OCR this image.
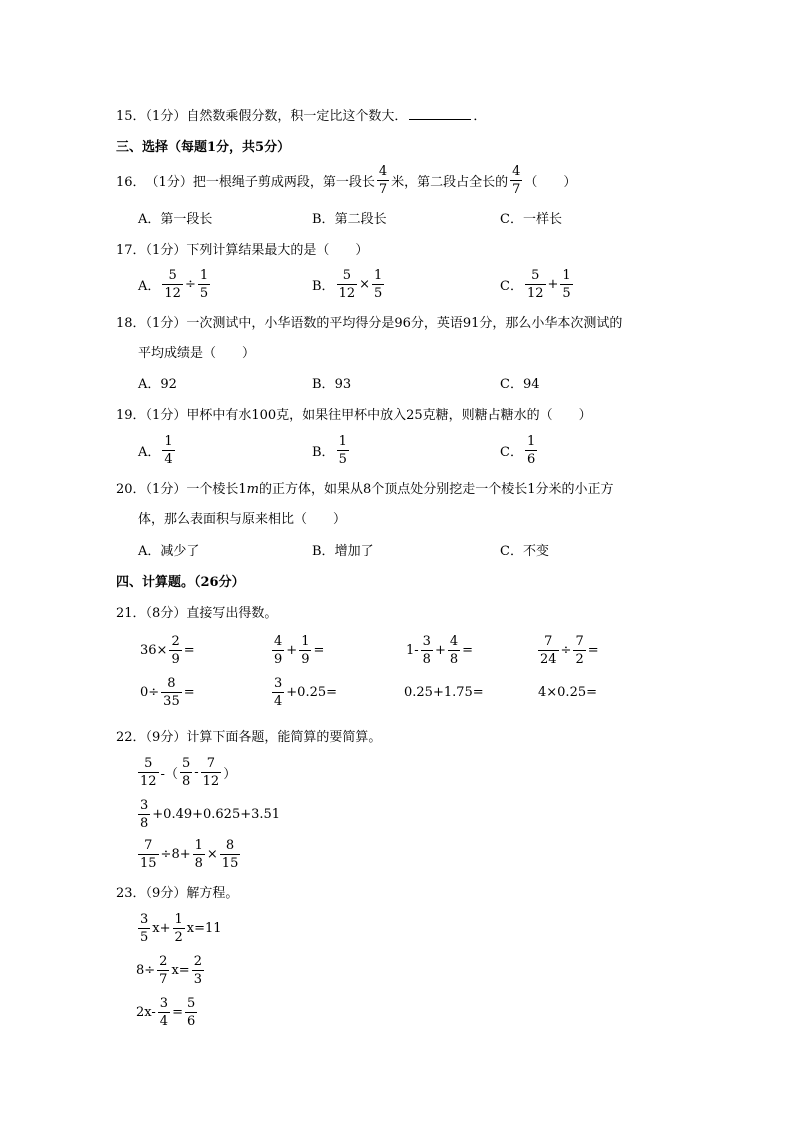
15．（1分）自然数乘假分数，积一定比这个数大．	．
三、选择（每题1分，共5分）
16． （1分） 把一根绳子剪成两段，第一段长 $\frac{4}{7}$ 米，第二段占全长的 $\frac{4}{7}$ （　　）
A．第一段长	B．第二段长	C．一样长
17．（1分）下列计算结果最大的是（　　）
A． $\frac{5}{12} \div \frac{1}{5}$	B． $\frac{5}{12} \times \frac{1}{5}$	C． $\frac{5}{12} + \frac{1}{5}$
18．（1分）一次测试中，小华语数的平均得分是96分，英语91分，那么小华本次测试的
平均成绩是（　　）
A．92	B．93	C．94
19．（1分）甲杯中有水100克，如果往甲杯中放入25克糖，则糖占糖水的（　　）
A． $\frac{1}{4}$	B． $\frac{1}{5}$	C． $\frac{1}{6}$
20．（1分）一个棱长1m的正方体，如果从8个顶点处分别挖走一个棱长1分米的小正方
体，那么表面积与原来相比（　　）
A．减少了	B．增加了	C．不变
四、计算题。（26分）
21．（8分）直接写出得数。
$36\times \frac{2}{9}$ =	$\frac{4}{9} + \frac{1}{9}$ =	$1- \frac{3}{8} + \frac{4}{8}$ =	$\frac{7}{24} \div \frac{7}{2}$ =
$0\div \frac{8}{35}$ =	$\frac{3}{4} +0.25=$	0.25+1.75=	4×0.25=
22．（9分）计算下面各题，能简算的要简算。
$\frac{5}{12}$ -（ $\frac{5}{8} - \frac{7}{12}$ ）
$\frac{3}{8} +0.49+0.625+3.51$
$\frac{7}{15} \div 8+ \frac{1}{8} \times \frac{8}{15}$
23．（9分）解方程。
$\frac{3}{5} x+ \frac{1}{2} x=11$
$8\div \frac{2}{7} x= \frac{2}{3}$
$2x- \frac{3}{4} = \frac{5}{6}$
